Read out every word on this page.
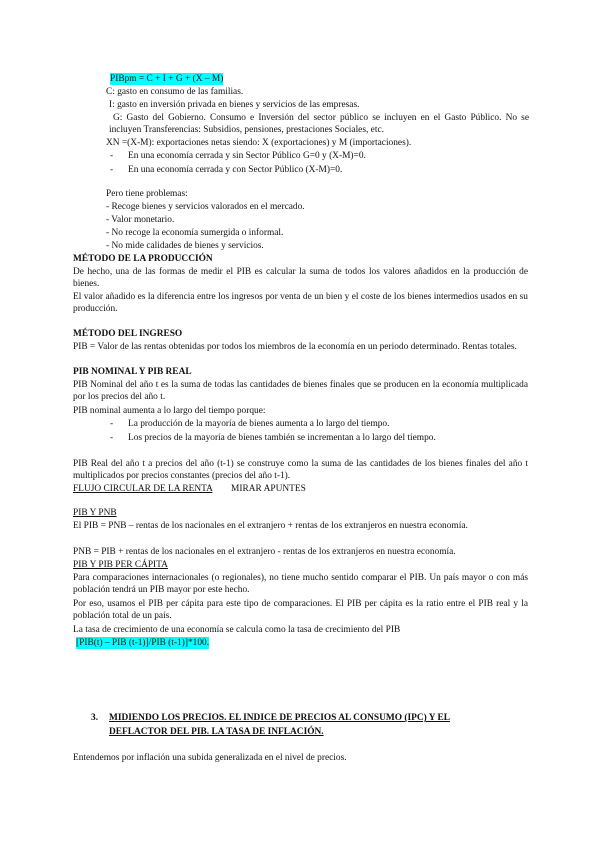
PIBpm = C + I + G + (X – M)
C: gasto en consumo de las familias.
I: gasto en inversión privada en bienes y servicios de las empresas.
G: Gasto del Gobierno. Consumo e Inversión del sector público se incluyen en el Gasto Público. No se incluyen Transferencias: Subsidios, pensiones, prestaciones Sociales, etc.
XN =(X-M): exportaciones netas siendo: X (exportaciones) y M (importaciones).
- En una economía cerrada y sin Sector Público G=0 y (X-M)=0.
- En una economía cerrada y con Sector Público (X-M)=0.
Pero tiene problemas:
- Recoge bienes y servicios valorados en el mercado.
- Valor monetario.
- No recoge la economía sumergida o informal.
- No mide calidades de bienes y servicios.
MÉTODO DE LA PRODUCCIÓN
De hecho, una de las formas de medir el PIB es calcular la suma de todos los valores añadidos en la producción de bienes.
El valor añadido es la diferencia entre los ingresos por venta de un bien y el coste de los bienes intermedios usados en su producción.
MÉTODO DEL INGRESO
PIB = Valor de las rentas obtenidas por todos los miembros de la economía en un periodo determinado. Rentas totales.
PIB NOMINAL Y PIB REAL
PIB Nominal del año t es la suma de todas las cantidades de bienes finales que se producen en la economía multiplicada por los precios del año t.
PIB nominal aumenta a lo largo del tiempo porque:
- La producción de la mayoría de bienes aumenta a lo largo del tiempo.
- Los precios de la mayoría de bienes también se incrementan a lo largo del tiempo.
PIB Real del año t a precios del año (t-1) se construye como la suma de las cantidades de los bienes finales del año t multiplicados por precios constantes (precios del año t-1).
FLUJO CIRCULAR DE LA RENTA MIRAR APUNTES
PIB Y PNB
El PIB = PNB – rentas de los nacionales en el extranjero + rentas de los extranjeros en nuestra economía.
PNB = PIB + rentas de los nacionales en el extranjero - rentas de los extranjeros en nuestra economía.
PIB Y PIB PER CÁPITA
Para comparaciones internacionales (o regionales), no tiene mucho sentido comparar el PIB. Un país mayor o con más población tendrá un PIB mayor por este hecho.
Por eso, usamos el PIB per cápita para este tipo de comparaciones. El PIB per cápita es la ratio entre el PIB real y la población total de un país.
La tasa de crecimiento de una economía se calcula como la tasa de crecimiento del PIB
[PIB(t) – PIB (t-1)]/PIB (t-1)]*100.
3. MIDIENDO LOS PRECIOS. EL INDICE DE PRECIOS AL CONSUMO (IPC) Y EL
DEFLACTOR DEL PIB. LA TASA DE INFLACIÓN.
Entendemos por inflación una subida generalizada en el nivel de precios.
